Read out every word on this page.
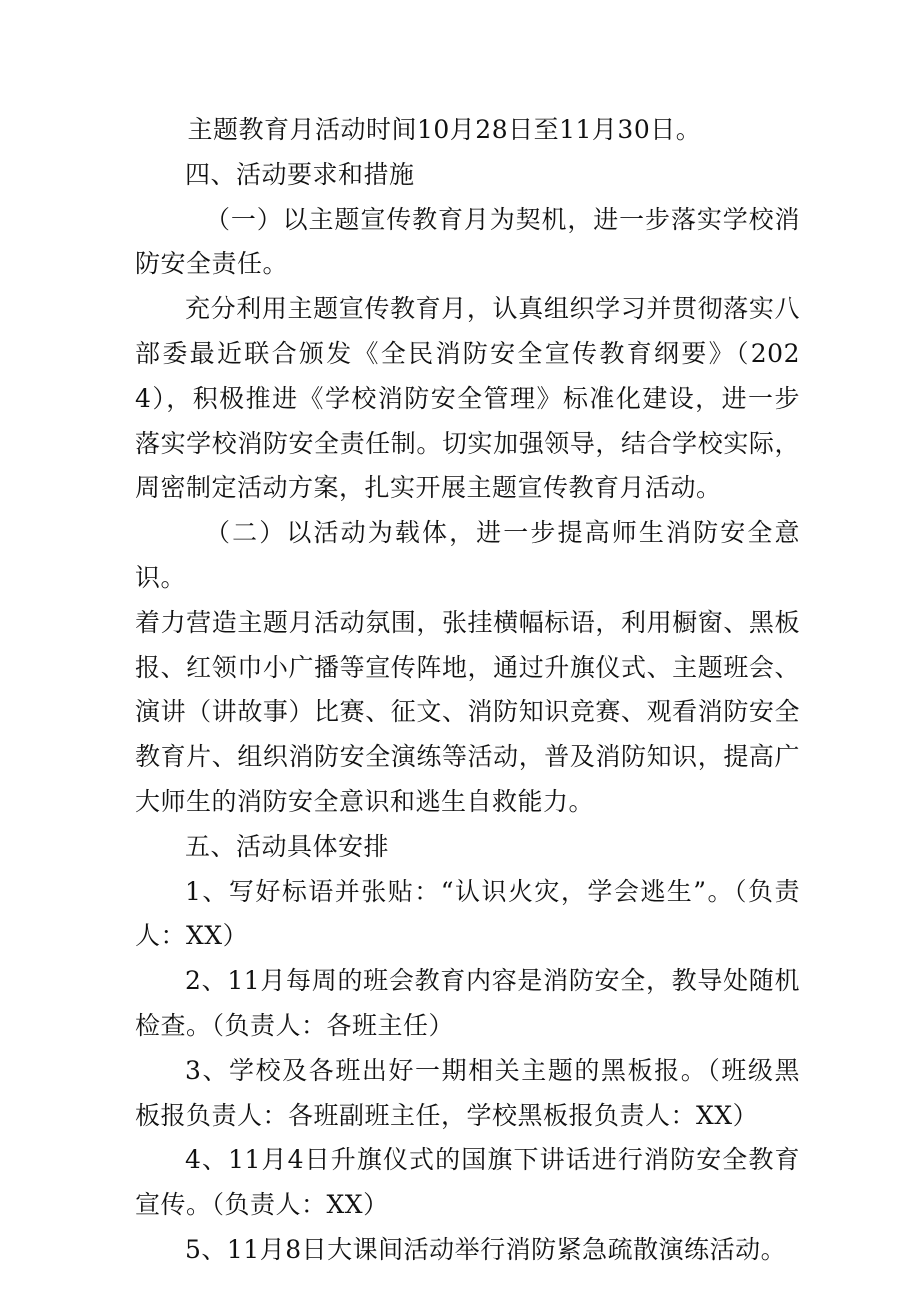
主题教育月活动时间10月28日至11月30日。

四、活动要求和措施

（一）以主题宣传教育月为契机，进一步落实学校消防安全责任。

充分利用主题宣传教育月，认真组织学习并贯彻落实八部委最近联合颁发《全民消防安全宣传教育纲要》（2024），积极推进《学校消防安全管理》标准化建设，进一步落实学校消防安全责任制。切实加强领导，结合学校实际，周密制定活动方案，扎实开展主题宣传教育月活动。

（二）以活动为载体，进一步提高师生消防安全意识。

着力营造主题月活动氛围，张挂横幅标语，利用橱窗、黑板报、红领巾小广播等宣传阵地，通过升旗仪式、主题班会、演讲（讲故事）比赛、征文、消防知识竞赛、观看消防安全教育片、组织消防安全演练等活动，普及消防知识，提高广大师生的消防安全意识和逃生自救能力。

五、活动具体安排

1、写好标语并张贴：“认识火灾，学会逃生”。（负责人：XX）

2、11月每周的班会教育内容是消防安全，教导处随机检查。（负责人：各班主任）

3、学校及各班出好一期相关主题的黑板报。（班级黑板报负责人：各班副班主任，学校黑板报负责人：XX）

4、11月4日升旗仪式的国旗下讲话进行消防安全教育宣传。（负责人：XX）

5、11月8日大课间活动举行消防紧急疏散演练活动。
